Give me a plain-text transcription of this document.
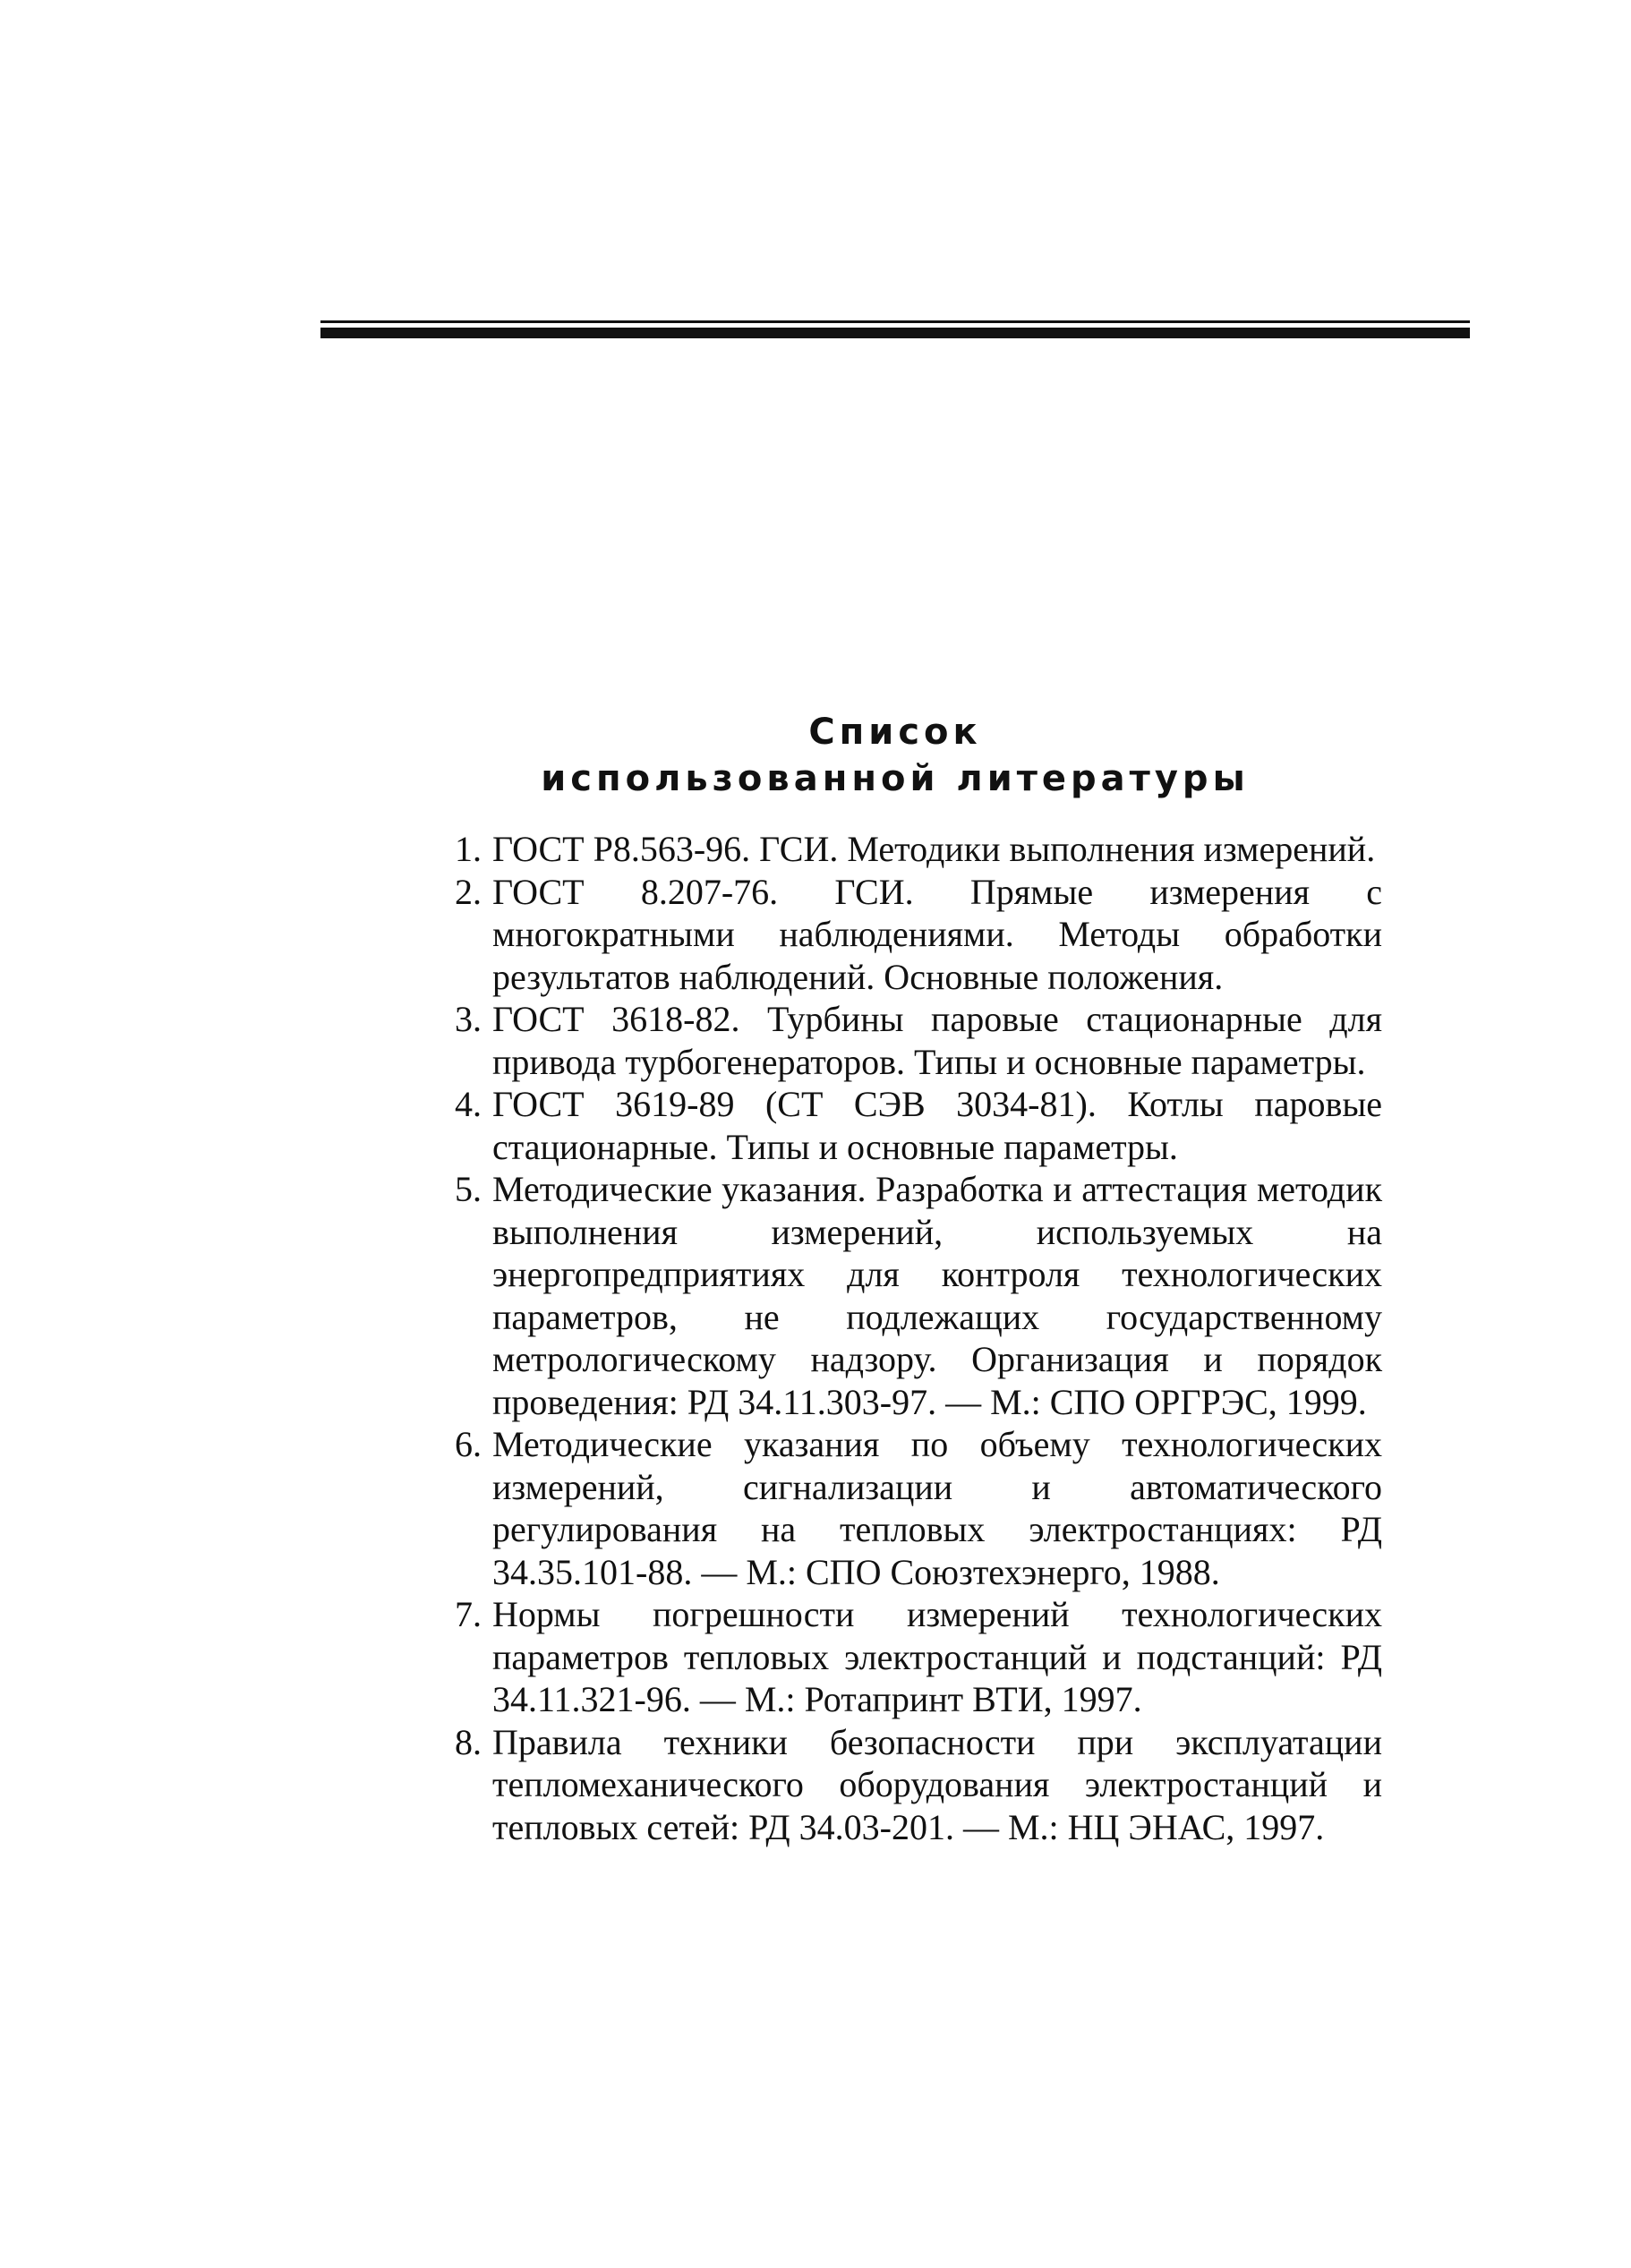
Список
использованной литературы
1. ГОСТ Р8.563-96. ГСИ. Методики выполнения измерений.
2. ГОСТ 8.207-76. ГСИ. Прямые измерения с многократными наблюдениями. Методы обработки результатов наблюдений. Основные положения.
3. ГОСТ 3618-82. Турбины паровые стационарные для привода турбогенераторов. Типы и основные параметры.
4. ГОСТ 3619-89 (СТ СЭВ 3034-81). Котлы паровые стационарные. Типы и основные параметры.
5. Методические указания. Разработка и аттестация методик выполнения измерений, используемых на энергопредприятиях для контроля технологических параметров, не подлежащих государственному метрологическому надзору. Организация и порядок проведения: РД 34.11.303-97. — М.: СПО ОРГРЭС, 1999.
6. Методические указания по объему технологических измерений, сигнализации и автоматического регулирования на тепловых электростанциях: РД 34.35.101-88. — М.: СПО Союзтехэнерго, 1988.
7. Нормы погрешности измерений технологических параметров тепловых электростанций и подстанций: РД 34.11.321-96. — М.: Ротапринт ВТИ, 1997.
8. Правила техники безопасности при эксплуатации тепломеханического оборудования электростанций и тепловых сетей: РД 34.03-201. — М.: НЦ ЭНАС, 1997.
